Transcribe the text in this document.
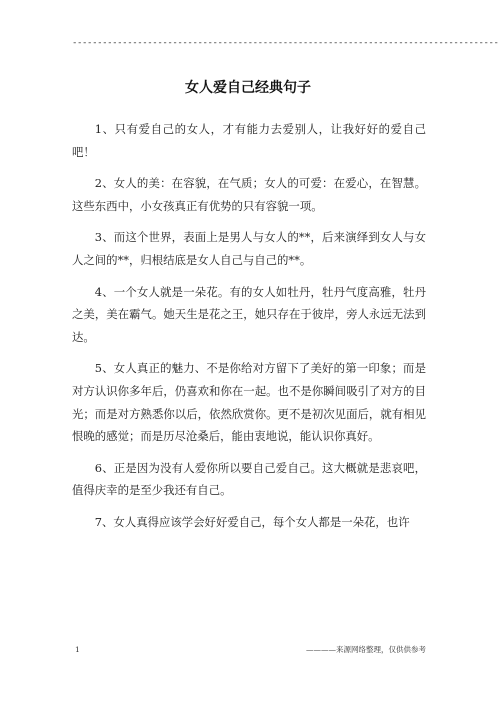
-------------------------------------------------------------------------------------
女人爱自己经典句子

1、只有爱自己的女人，才有能力去爱别人，让我好好的爱自己吧！

2、女人的美：在容貌，在气质；女人的可爱：在爱心，在智慧。这些东西中，小女孩真正有优势的只有容貌一项。

3、而这个世界，表面上是男人与女人的**，后来演绎到女人与女人之间的**，归根结底是女人自己与自己的**。

4、一个女人就是一朵花。有的女人如牡丹，牡丹气度高雅，牡丹之美，美在霸气。她天生是花之王，她只存在于彼岸，旁人永远无法到达。

5、女人真正的魅力、不是你给对方留下了美好的第一印象；而是对方认识你多年后，仍喜欢和你在一起。也不是你瞬间吸引了对方的目光；而是对方熟悉你以后，依然欣赏你。更不是初次见面后，就有相见恨晚的感觉；而是历尽沧桑后，能由衷地说，能认识你真好。

6、正是因为没有人爱你所以要自己爱自己。这大概就是悲哀吧，值得庆幸的是至少我还有自己。

7、女人真得应该学会好好爱自己，每个女人都是一朵花，也许

1	————来源网络整理，仅供供参考
